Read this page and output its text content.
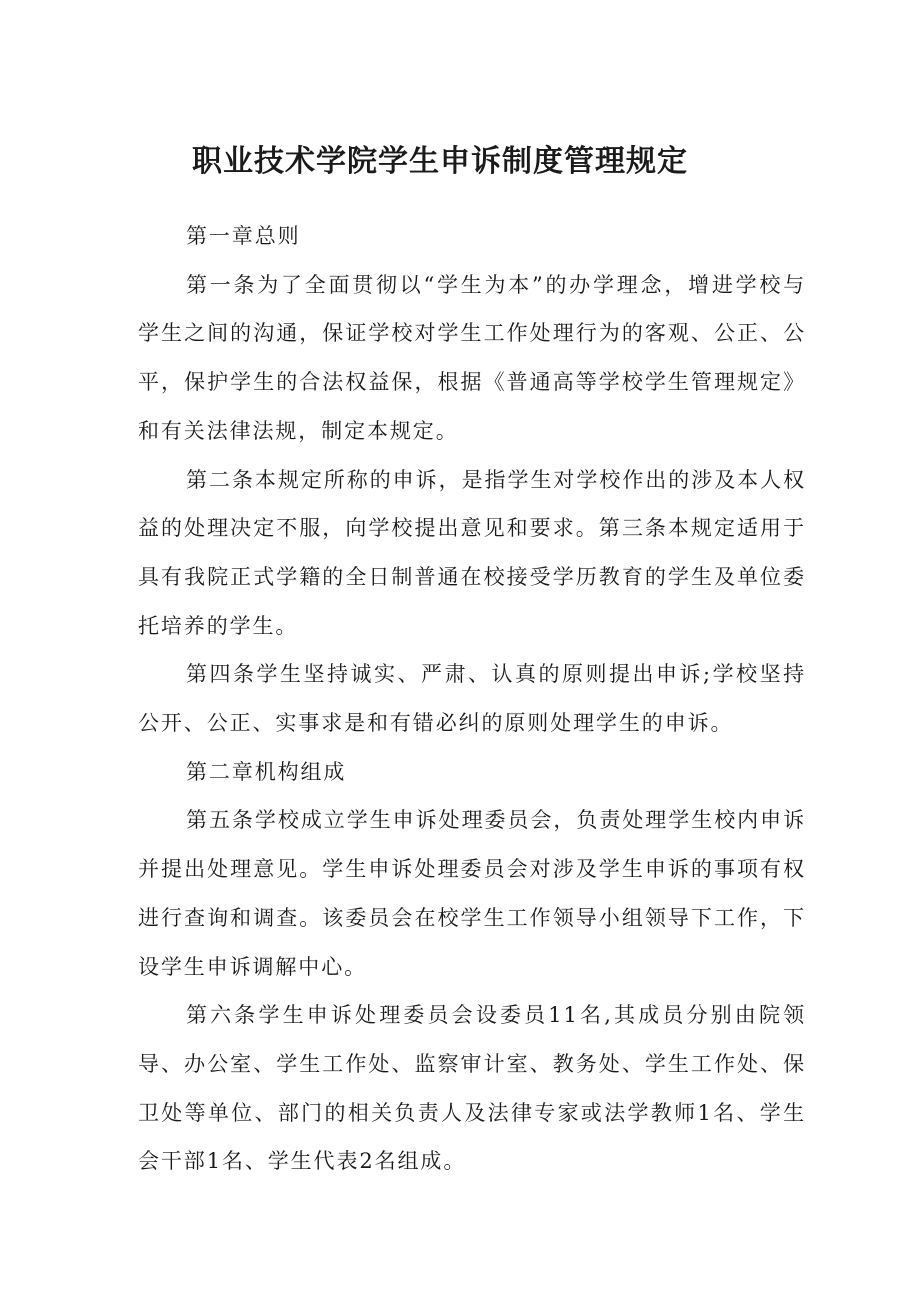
职业技术学院学生申诉制度管理规定

第一章总则

第一条为了全面贯彻以“学生为本”的办学理念，增进学校与学生之间的沟通，保证学校对学生工作处理行为的客观、公正、公平，保护学生的合法权益保，根据《普通高等学校学生管理规定》和有关法律法规，制定本规定。

第二条本规定所称的申诉，是指学生对学校作出的涉及本人权益的处理决定不服，向学校提出意见和要求。第三条本规定适用于具有我院正式学籍的全日制普通在校接受学历教育的学生及单位委托培养的学生。

第四条学生坚持诚实、严肃、认真的原则提出申诉;学校坚持公开、公正、实事求是和有错必纠的原则处理学生的申诉。

第二章机构组成

第五条学校成立学生申诉处理委员会，负责处理学生校内申诉并提出处理意见。学生申诉处理委员会对涉及学生申诉的事项有权进行查询和调查。该委员会在校学生工作领导小组领导下工作，下设学生申诉调解中心。

第六条学生申诉处理委员会设委员11名,其成员分别由院领导、办公室、学生工作处、监察审计室、教务处、学生工作处、保卫处等单位、部门的相关负责人及法律专家或法学教师1名、学生会干部1名、学生代表2名组成。
